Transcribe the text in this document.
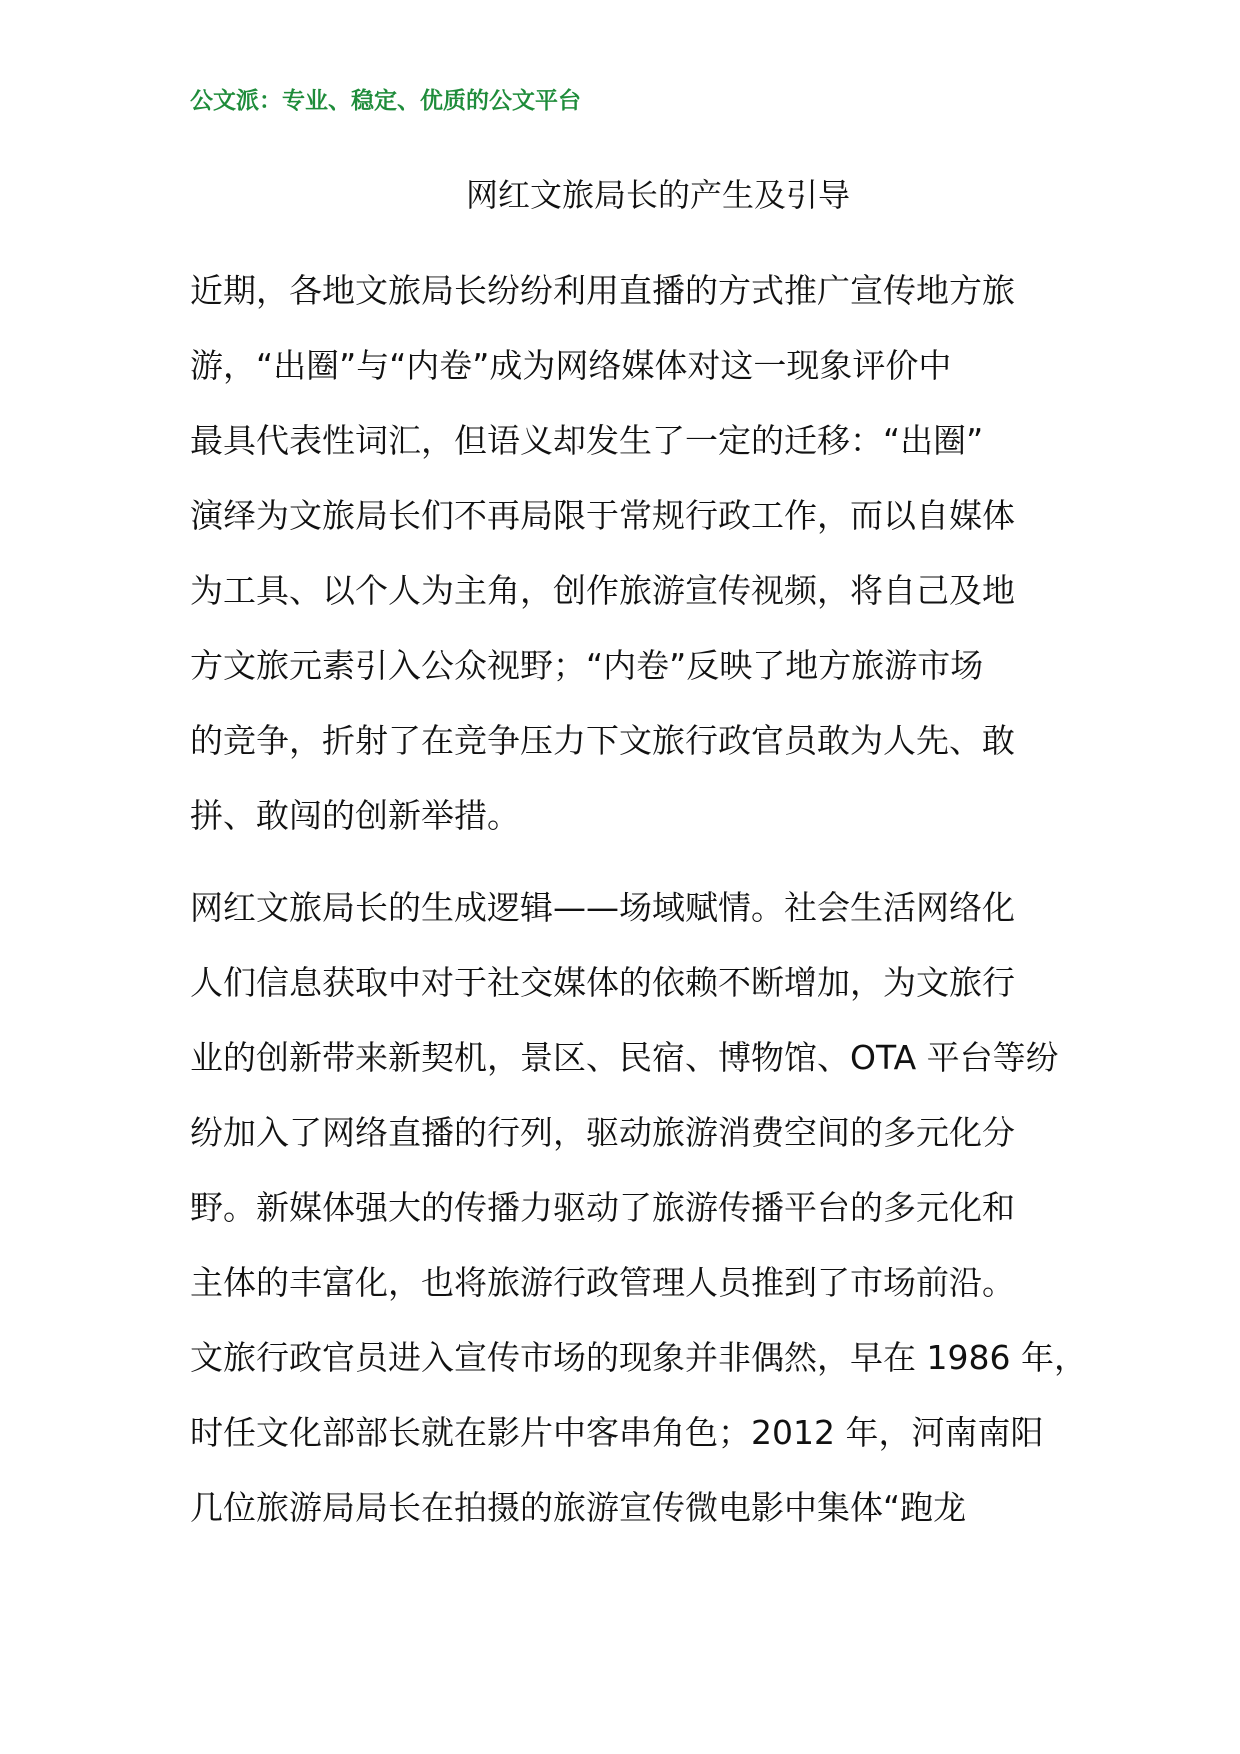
公文派：专业、稳定、优质的公文平台
网红文旅局长的产生及引导
近期，各地文旅局长纷纷利用直播的方式推广宣传地方旅
游，“出圈”与“内卷”成为网络媒体对这一现象评价中
最具代表性词汇，但语义却发生了一定的迁移：“出圈”
演绎为文旅局长们不再局限于常规行政工作，而以自媒体
为工具、以个人为主角，创作旅游宣传视频，将自己及地
方文旅元素引入公众视野；“内卷”反映了地方旅游市场
的竞争，折射了在竞争压力下文旅行政官员敢为人先、敢
拼、敢闯的创新举措。
网红文旅局长的生成逻辑——场域赋情。社会生活网络化
人们信息获取中对于社交媒体的依赖不断增加，为文旅行
业的创新带来新契机，景区、民宿、博物馆、OTA 平台等纷
纷加入了网络直播的行列，驱动旅游消费空间的多元化分
野。新媒体强大的传播力驱动了旅游传播平台的多元化和
主体的丰富化，也将旅游行政管理人员推到了市场前沿。
文旅行政官员进入宣传市场的现象并非偶然，早在 1986 年，
时任文化部部长就在影片中客串角色；2012 年，河南南阳
几位旅游局局长在拍摄的旅游宣传微电影中集体“跑龙
